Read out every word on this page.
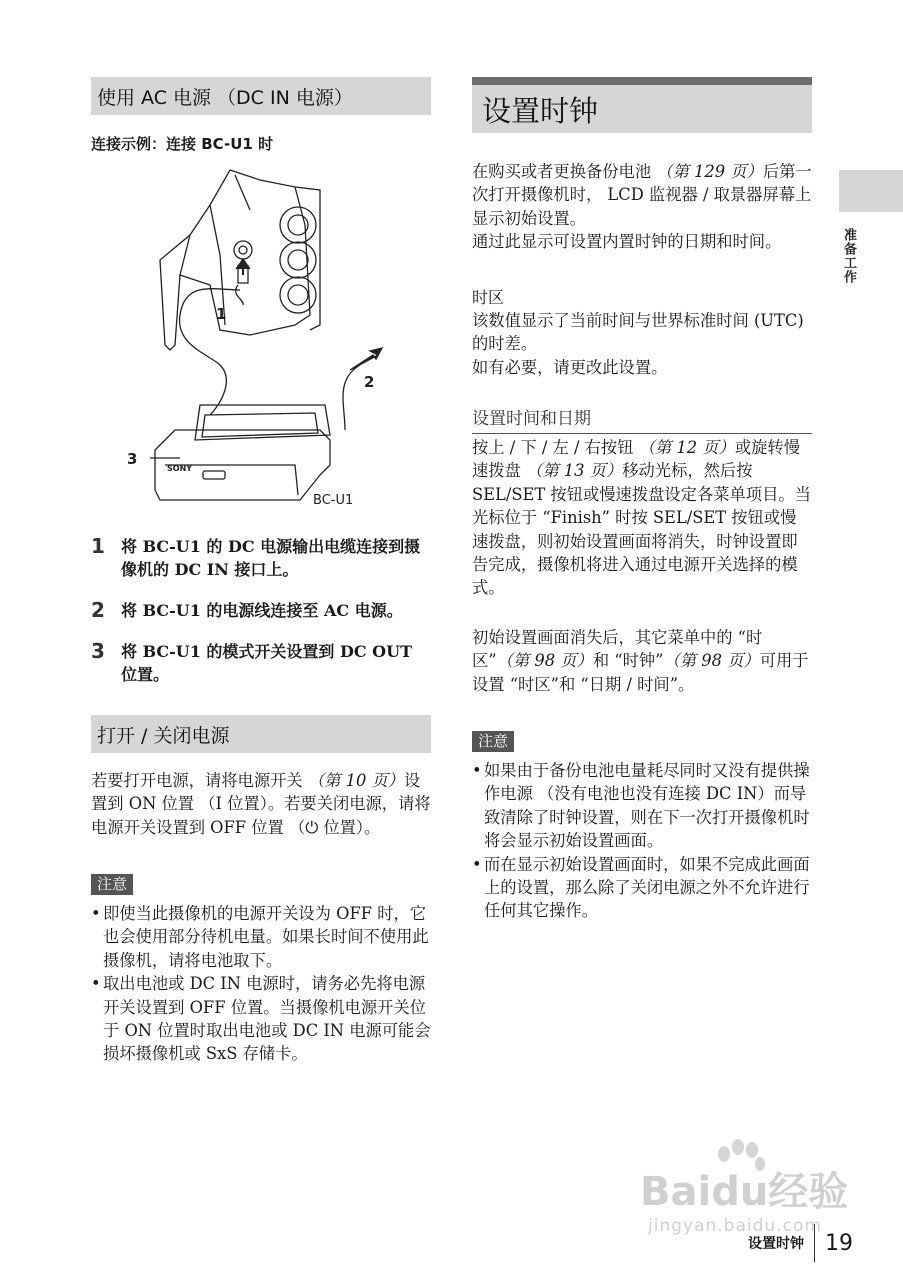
使用 AC 电源 （DC IN 电源）
连接示例：连接 BC-U1 时
1
2
3
SONY
BC-U1
1	将 BC-U1 的 DC 电源输出电缆连接到摄像机的 DC IN 接口上。
2	将 BC-U1 的电源线连接至 AC 电源。
3	将 BC-U1 的模式开关设置到 DC OUT 位置。
打开 / 关闭电源
若要打开电源，请将电源开关 （第 10 页）设置到 ON 位置 （I 位置）。若要关闭电源，请将电源开关设置到 OFF 位置 （⏻ 位置）。
注意
• 即使当此摄像机的电源开关设为 OFF 时，它也会使用部分待机电量。如果长时间不使用此摄像机，请将电池取下。
• 取出电池或 DC IN 电源时，请务必先将电源开关设置到 OFF 位置。当摄像机电源开关位于 ON 位置时取出电池或 DC IN 电源可能会损坏摄像机或 SxS 存储卡。
设置时钟
在购买或者更换备份电池 （第 129 页）后第一次打开摄像机时， LCD 监视器 / 取景器屏幕上显示初始设置。
通过此显示可设置内置时钟的日期和时间。
时区
该数值显示了当前时间与世界标准时间 (UTC) 的时差。
如有必要，请更改此设置。
设置时间和日期
按上 / 下 / 左 / 右按钮 （第 12 页）或旋转慢速拨盘 （第 13 页）移动光标，然后按 SEL/SET 按钮或慢速拨盘设定各菜单项目。当光标位于 “Finish” 时按 SEL/SET 按钮或慢速拨盘，则初始设置画面将消失，时钟设置即告完成，摄像机将进入通过电源开关选择的模式。
初始设置画面消失后，其它菜单中的 “时区”（第 98 页）和 “时钟”（第 98 页）可用于设置 “时区”和 “日期 / 时间”。
注意
• 如果由于备份电池电量耗尽同时又没有提供操作电源 （没有电池也没有连接 DC IN）而导致清除了时钟设置，则在下一次打开摄像机时将会显示初始设置画面。
• 而在显示初始设置画面时，如果不完成此画面上的设置，那么除了关闭电源之外不允许进行任何其它操作。
准备工作
Baidu经验
jingyan.baidu.com
设置时钟 19
